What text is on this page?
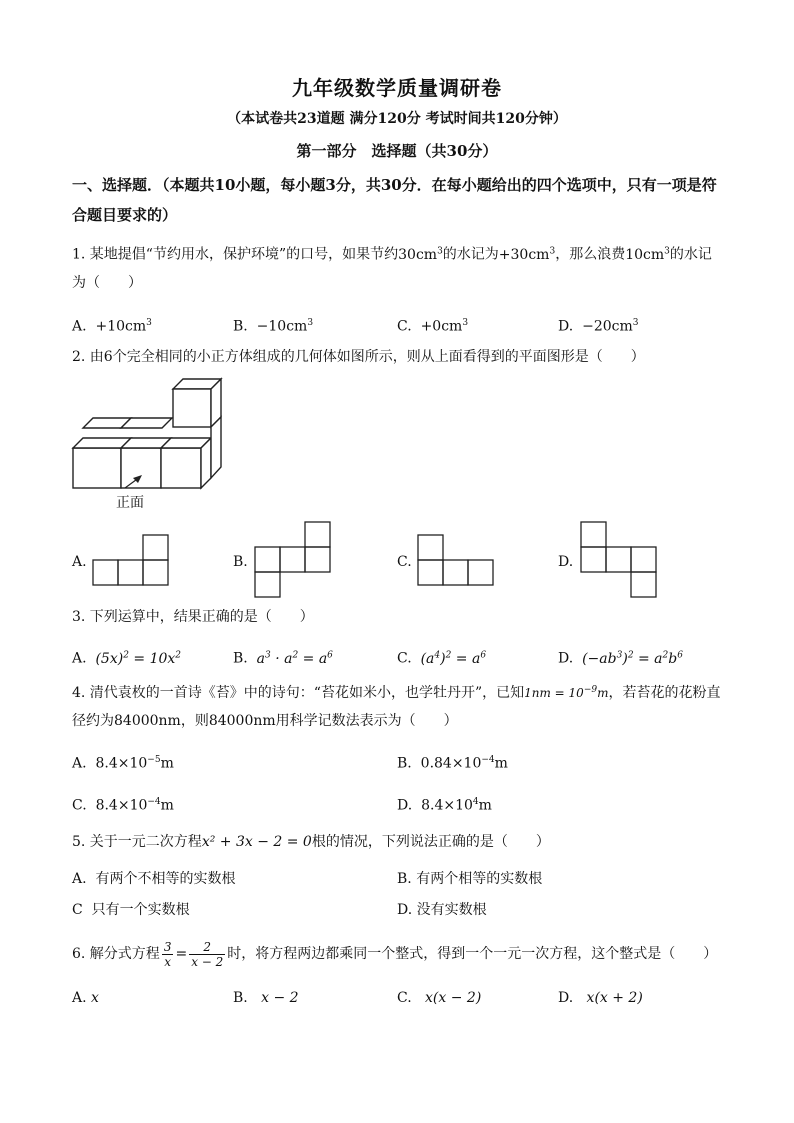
九年级数学质量调研卷
（本试卷共23道题 满分120分 考试时间共120分钟）
第一部分　选择题（共30分）
一、选择题．（本题共10小题，每小题3分，共30分．在每小题给出的四个选项中，只有一项是符合题目要求的）
1. 某地提倡“节约用水，保护环境”的口号，如果节约$30cm^3$的水记为$+30cm^3$，那么浪费$10cm^3$的水记
为（　　）
A. $+10cm^3$	B. $-10cm^3$	C. $+0cm^3$	D. $-20cm^3$
2. 由6个完全相同的小正方体组成的几何体如图所示，则从上面看得到的平面图形是（　　）
正面
A.	B.	C.	D.
3. 下列运算中，结果正确的是（　　）
A. $(5x)^2 = 10x^2$	B. $a^3 \cdot a^2 = a^6$	C. $(a^4)^2 = a^6$	D. $(-ab^3)^2 = a^2b^6$
4. 清代袁枚的一首诗《苔》中的诗句：“苔花如米小，也学牡丹开”，已知$1nm = 10^{-9}m$，若苔花的花粉直
径约为84000nm，则84000nm用科学记数法表示为（　　）
A. $8.4\times 10^{-5}m$	B. $0.84\times 10^{-4}m$
C. $8.4\times 10^{-4}m$	D. $8.4\times 10^4m$
5. 关于一元二次方程x² + 3x − 2 = 0根的情况，下列说法正确的是（　　）
A. 有两个不相等的实数根	B. 有两个相等的实数根
C 只有一个实数根	D. 没有实数根
6. 解分式方程 $\frac{3}{x} = \frac{2}{x - 2}$ 时，将方程两边都乘同一个整式，得到一个一元一次方程，这个整式是（　　）
A. x	B. x − 2	C. x(x − 2)	D. x(x + 2)
